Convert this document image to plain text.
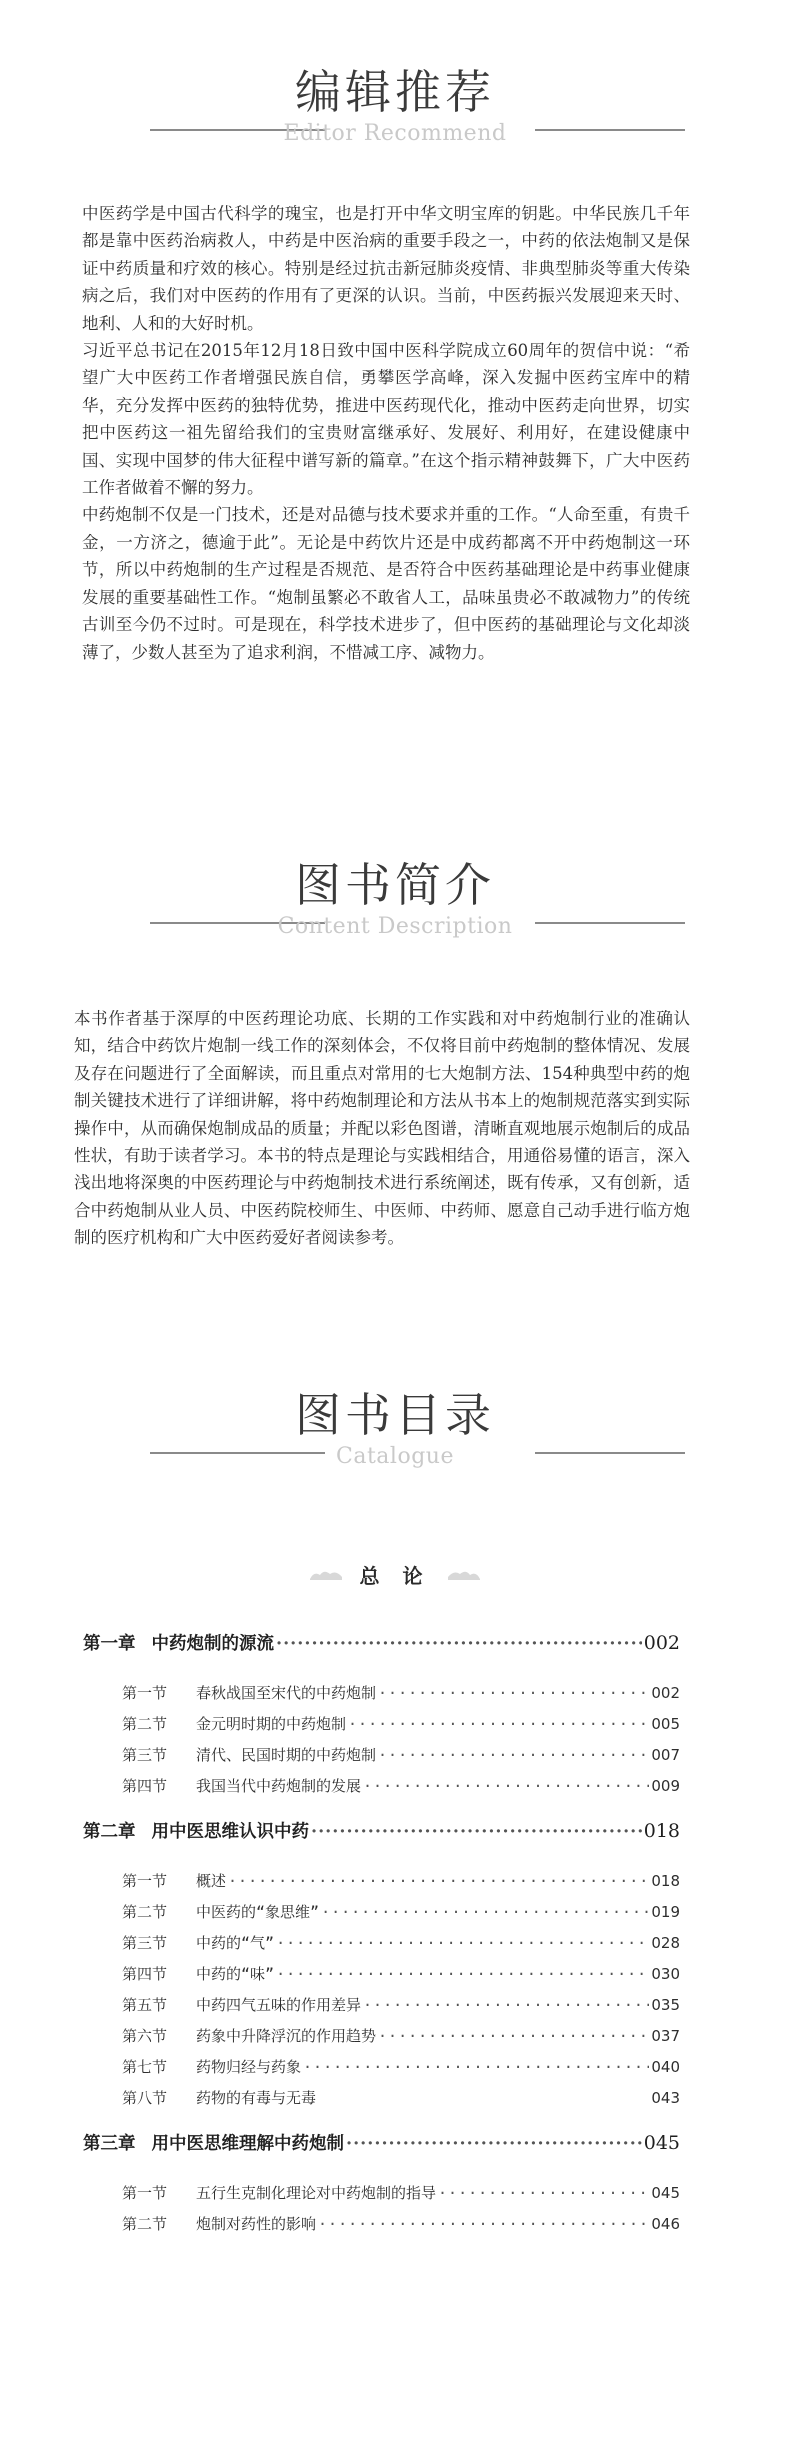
编辑推荐
Editor Recommend

中医药学是中国古代科学的瑰宝，也是打开中华文明宝库的钥匙。中华民族几千年都是靠中医药治病救人，中药是中医治病的重要手段之一，中药的依法炮制又是保证中药质量和疗效的核心。特别是经过抗击新冠肺炎疫情、非典型肺炎等重大传染病之后，我们对中医药的作用有了更深的认识。当前，中医药振兴发展迎来天时、地利、人和的大好时机。

习近平总书记在2015年12月18日致中国中医科学院成立60周年的贺信中说：“希望广大中医药工作者增强民族自信，勇攀医学高峰，深入发掘中医药宝库中的精华，充分发挥中医药的独特优势，推进中医药现代化，推动中医药走向世界，切实把中医药这一祖先留给我们的宝贵财富继承好、发展好、利用好，在建设健康中国、实现中国梦的伟大征程中谱写新的篇章。”在这个指示精神鼓舞下，广大中医药工作者做着不懈的努力。

中药炮制不仅是一门技术，还是对品德与技术要求并重的工作。“人命至重，有贵千金，一方济之，德逾于此”。无论是中药饮片还是中成药都离不开中药炮制这一环节，所以中药炮制的生产过程是否规范、是否符合中医药基础理论是中药事业健康发展的重要基础性工作。“炮制虽繁必不敢省人工，品味虽贵必不敢减物力”的传统古训至今仍不过时。可是现在，科学技术进步了，但中医药的基础理论与文化却淡薄了，少数人甚至为了追求利润，不惜减工序、减物力。

图书简介
Content Description

本书作者基于深厚的中医药理论功底、长期的工作实践和对中药炮制行业的准确认知，结合中药饮片炮制一线工作的深刻体会，不仅将目前中药炮制的整体情况、发展及存在问题进行了全面解读，而且重点对常用的七大炮制方法、154种典型中药的炮制关键技术进行了详细讲解，将中药炮制理论和方法从书本上的炮制规范落实到实际操作中，从而确保炮制成品的质量；并配以彩色图谱，清晰直观地展示炮制后的成品性状，有助于读者学习。本书的特点是理论与实践相结合，用通俗易懂的语言，深入浅出地将深奥的中医药理论与中药炮制技术进行系统阐述，既有传承，又有创新，适合中药炮制从业人员、中医药院校师生、中医师、中药师、愿意自己动手进行临方炮制的医疗机构和广大中医药爱好者阅读参考。

图书目录
Catalogue
总 论
第一章 中药炮制的源流 ·····	002
第一节	春秋战国至宋代的中药炮制 ·····	002
第二节	金元明时期的中药炮制 ·····	005
第三节	清代、民国时期的中药炮制 ·····	007
第四节	我国当代中药炮制的发展 ·····	009
第二章 用中医思维认识中药 ·····	018
第一节	概述 ·····	018
第二节	中医药的“象思维” ·····	019
第三节	中药的“气” ·····	028
第四节	中药的“味” ·····	030
第五节	中药四气五味的作用差异 ·····	035
第六节	药象中升降浮沉的作用趋势 ·····	037
第七节	药物归经与药象 ·····	040
第八节	药物的有毒与无毒	043
第三章 用中医思维理解中药炮制 ·····	045
第一节	五行生克制化理论对中药炮制的指导 ·····	045
第二节	炮制对药性的影响 ·····	046
